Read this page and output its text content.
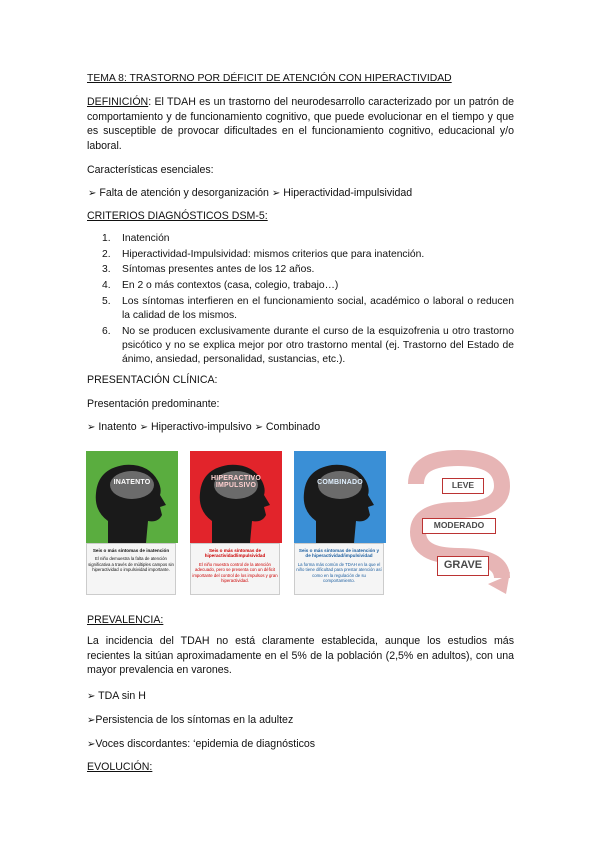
TEMA 8: TRASTORNO POR DÉFICIT DE ATENCIÓN CON HIPERACTIVIDAD
DEFINICIÓN: El TDAH es un trastorno del neurodesarrollo caracterizado por un patrón de comportamiento y de funcionamiento cognitivo, que puede evolucionar en el tiempo y que es susceptible de provocar dificultades en el funcionamiento cognitivo, educacional y/o laboral.
Características esenciales:
➢ Falta de atención y desorganización ➢ Hiperactividad-impulsividad
CRITERIOS DIAGNÓSTICOS DSM-5:
1. Inatención
2. Hiperactividad-Impulsividad: mismos criterios que para inatención.
3. Síntomas presentes antes de los 12 años.
4. En 2 o más contextos (casa, colegio, trabajo…)
5. Los síntomas interfieren en el funcionamiento social, académico o laboral o reducen la calidad de los mismos.
6. No se producen exclusivamente durante el curso de la esquizofrenia u otro trastorno psicótico y no se explica mejor por otro trastorno mental (ej. Trastorno del Estado de ánimo, ansiedad, personalidad, sustancias, etc.).
PRESENTACIÓN CLÍNICA:
Presentación predominante:
➢ Inatento ➢ Hiperactivo-impulsivo ➢ Combinado
INATENTO
Seis o más síntomas de inatención
El niño demuestra la falta de atención significativa a través de múltiples campos sin hiperactividad o impulsividad importante.
HIPERACTIVO IMPULSIVO
Seis o más síntomas de hiperactividad/impulsividad
El niño muestra control de la atención adecuado, pero se presenta con un déficit importante del control de los impulsos y gran hiperactividad.
COMBINADO
Seis o más síntomas de inatención y de hiperactividad/impulsividad
La forma más común de TDAH en la que el niño tiene dificultad para prestar atención así como en la regulación de su comportamiento.
LEVE
MODERADO
GRAVE
PREVALENCIA:
La incidencia del TDAH no está claramente establecida, aunque los estudios más recientes la sitúan aproximadamente en el 5% de la población (2,5% en adultos), con una mayor prevalencia en varones.
➢ TDA sin H
➢Persistencia de los síntomas en la adultez
➢Voces discordantes: ‘epidemia de diagnósticos
EVOLUCIÓN:
